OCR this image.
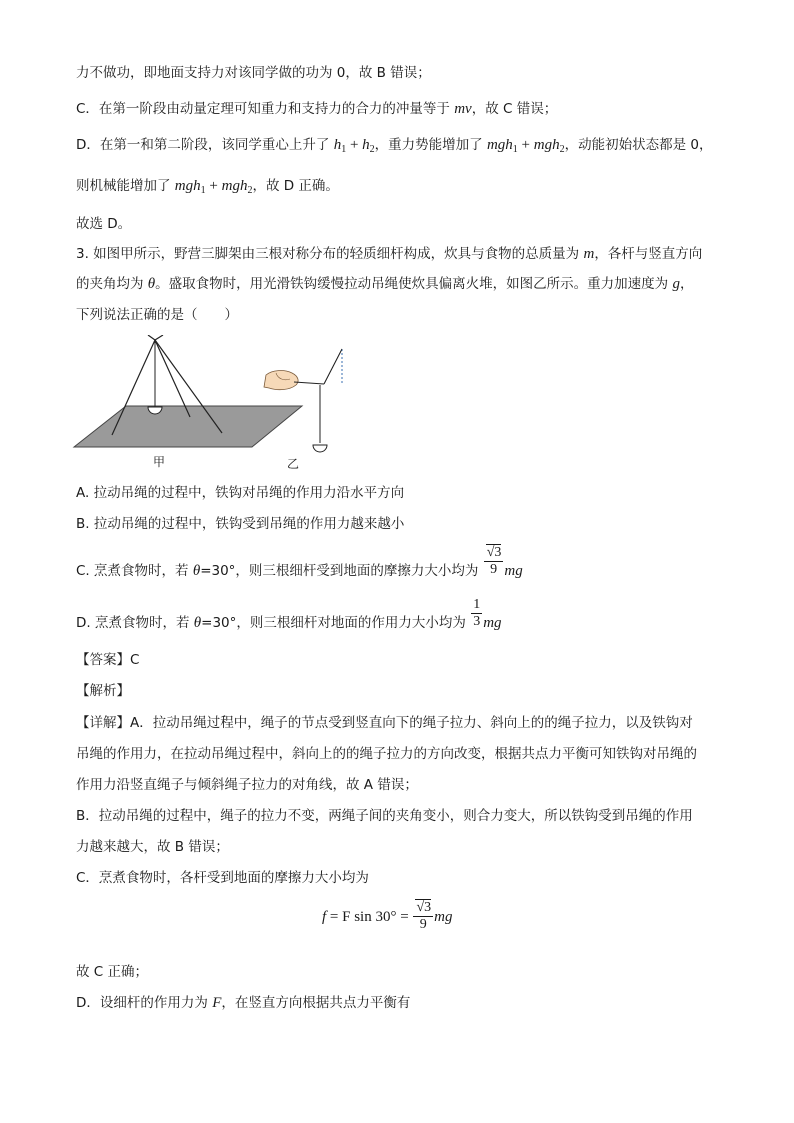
力不做功，即地面支持力对该同学做的功为 0，故 B 错误；
C．在第一阶段由动量定理可知重力和支持力的合力的冲量等于 mv，故 C 错误；
D．在第一和第二阶段，该同学重心上升了 $h_1 + h_2$，重力势能增加了 mgh$_1$ + mgh$_2$，动能初始状态都是 0，
则机械能增加了 mgh$_1$ + mgh$_2$，故 D 正确。
故选 D。
3. 如图甲所示，野营三脚架由三根对称分布的轻质细杆构成，炊具与食物的总质量为 m，各杆与竖直方向
的夹角均为 θ。盛取食物时，用光滑铁钩缓慢拉动吊绳使炊具偏离火堆，如图乙所示。重力加速度为 g，
下列说法正确的是（　　）
甲	乙
A. 拉动吊绳的过程中，铁钩对吊绳的作用力沿水平方向
B. 拉动吊绳的过程中，铁钩受到吊绳的作用力越来越小
C. 烹煮食物时，若 θ=30°，则三根细杆受到地面的摩擦力大小均为 $\frac{√3}{9}$ mg
D. 烹煮食物时，若 θ=30°，则三根细杆对地面的作用力大小均为 $\frac{1}{3}$ mg
【答案】C
【解析】
【详解】A．拉动吊绳过程中，绳子的节点受到竖直向下的绳子拉力、斜向上的的绳子拉力，以及铁钩对
吊绳的作用力，在拉动吊绳过程中，斜向上的的绳子拉力的方向改变，根据共点力平衡可知铁钩对吊绳的
作用力沿竖直绳子与倾斜绳子拉力的对角线，故 A 错误；
B．拉动吊绳的过程中，绳子的拉力不变，两绳子间的夹角变小，则合力变大，所以铁钩受到吊绳的作用
力越来越大，故 B 错误；
C．烹煮食物时，各杆受到地面的摩擦力大小均为
f = F $\sin 30^\circ = \frac{√3}{9}$ mg
故 C 正确；
D．设细杆的作用力为 F，在竖直方向根据共点力平衡有
